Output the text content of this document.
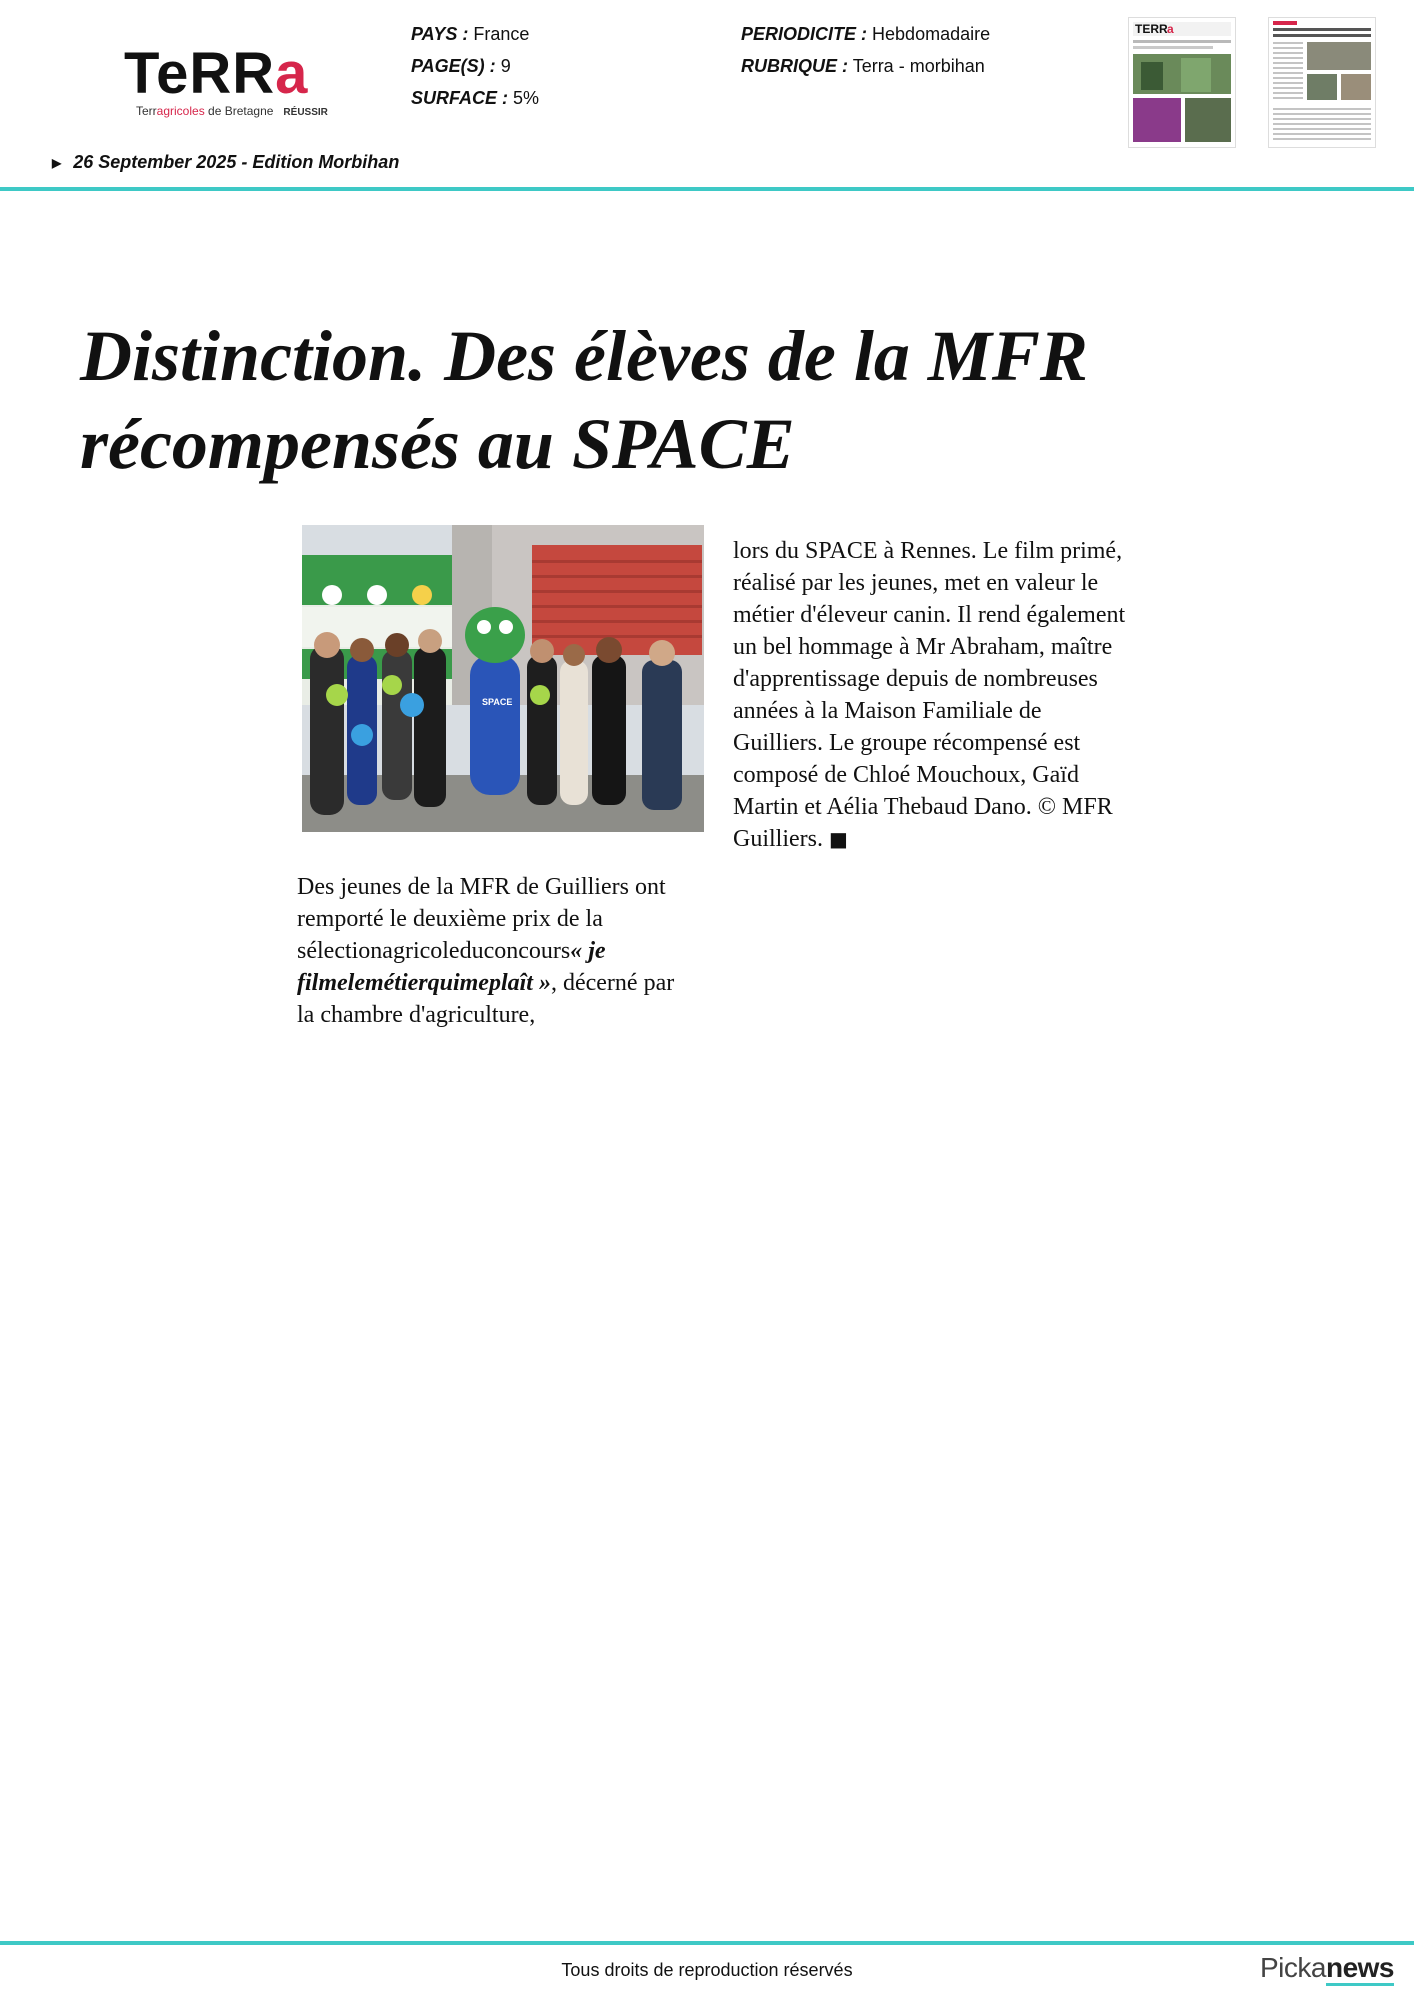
TeRRa
Terragricoles de Bretagne RÉUSSIR
PAYS : France
PAGE(S) : 9
SURFACE : 5%
PERIODICITE : Hebdomadaire
RUBRIQUE : Terra - morbihan
TERR a
▶ 26 September 2025 - Edition Morbihan
Distinction. Des élèves de la MFR
récompensés au SPACE
SPACE

Des jeunes de la MFR de Guilliers ont remporté le deuxième prix de la sélectionagricoleduconcours« je filmelemétierquimeplaît », décerné par la chambre d'agriculture,

lors du SPACE à Rennes. Le film primé, réalisé par les jeunes, met en valeur le métier d'éleveur canin. Il rend également un bel hommage à Mr Abraham, maître d'apprentissage depuis de nombreuses années à la Maison Familiale de Guilliers. Le groupe récompensé est composé de Chloé Mouchoux, Gaïd Martin et Aélia Thebaud Dano. © MFR Guilliers. ■

Tous droits de reproduction réservés	Pickanews
